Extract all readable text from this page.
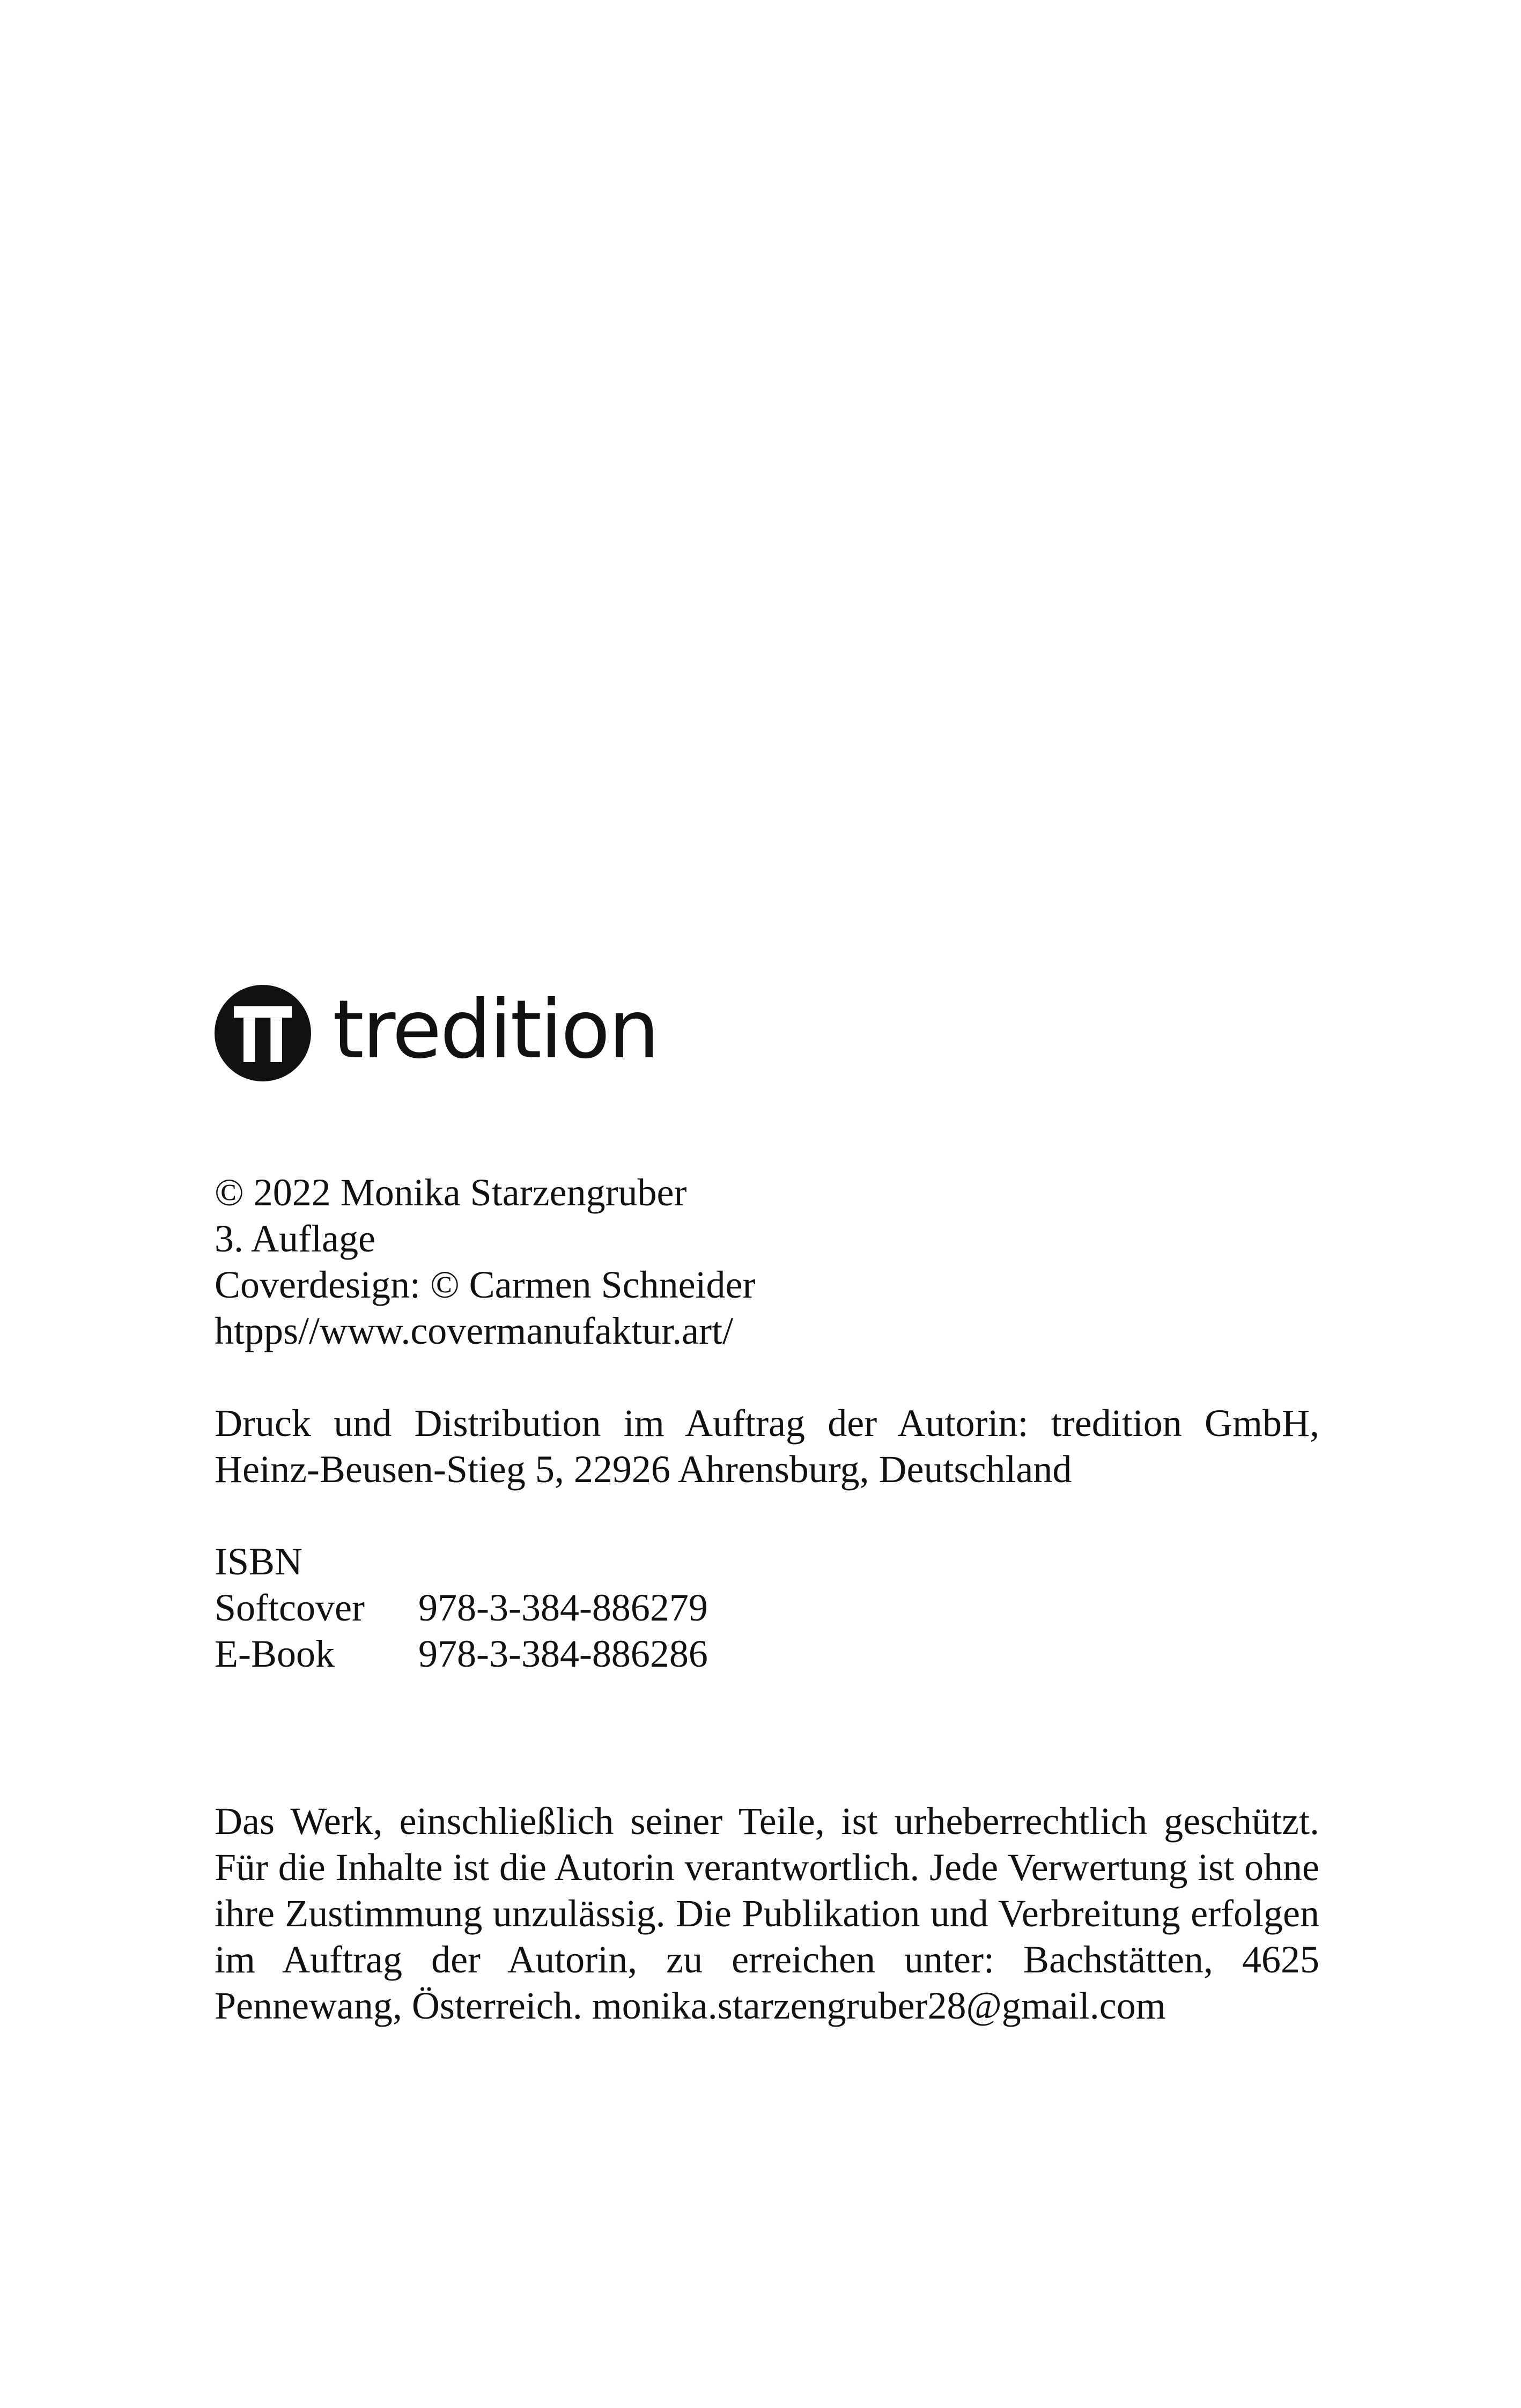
tredition
© 2022 Monika Starzengruber
3. Auflage
Coverdesign: © Carmen Schneider
htpps//www.covermanufaktur.art/
Druck und Distribution im Auftrag der Autorin: tredition GmbH, Heinz-Beusen-Stieg 5, 22926 Ahrensburg, Deutschland
ISBN
Softcover	978-3-384-886279
E-Book	978-3-384-886286
Das Werk, einschließlich seiner Teile, ist urheberrechtlich geschützt. Für die Inhalte ist die Autorin verantwortlich. Jede Verwertung ist ohne ihre Zustimmung unzulässig. Die Publikation und Verbreitung erfolgen im Auftrag der Autorin, zu erreichen unter: Bachstätten, 4625 Pennewang, Österreich. monika.starzengruber28@gmail.com
